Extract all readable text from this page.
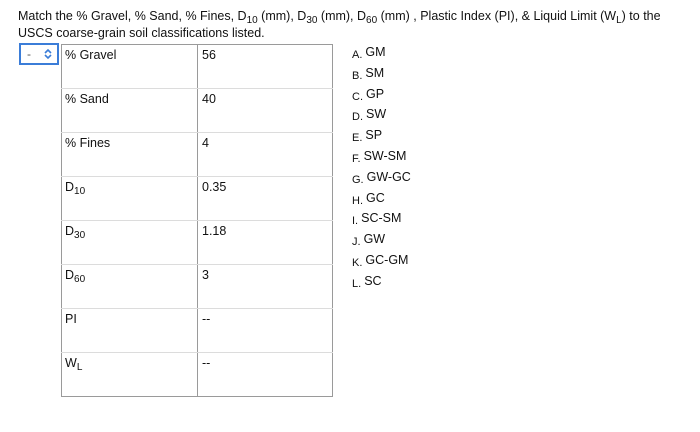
Match the % Gravel, % Sand, % Fines, $D_{10}$ (mm), $D_{30}$ (mm), $D_{60}$ (mm) , Plastic Index (PI), & Liquid Limit $(W_L)$ to the USCS coarse-grain soil classifications listed.
-	% Gravel	56
% Sand	40
% Fines	4
$D_{10}$	0.35
$D_{30}$	1.18
$D_{60}$	3
PI	--
$W_L$	--
A. GM
B. SM
C. GP
D. SW
E. SP
F. SW-SM
G. GW-GC
H. GC
I. SC-SM
J. GW
K. GC-GM
L. SC
